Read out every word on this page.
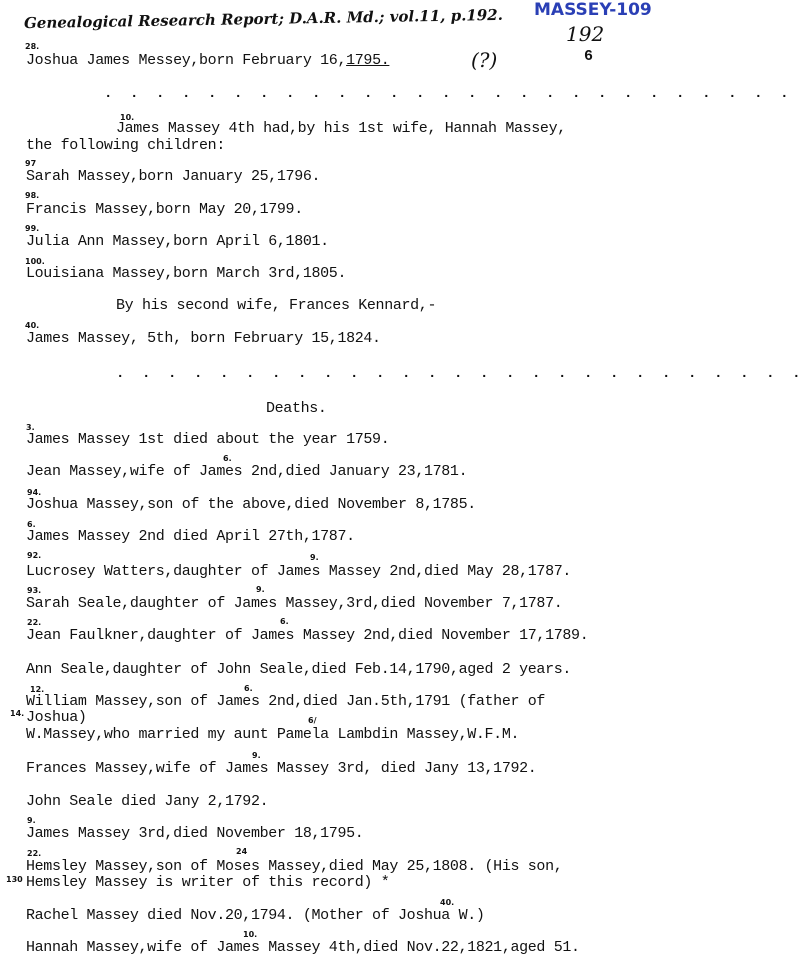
Genealogical Research Report; D.A.R. Md.; vol.11, p.192. MASSEY-109
192
6
28.
Joshua James Messey,born February 16,1795.	(?)
. . . . . . . . . . . . . . . . . . . . . . . . . . .
10.
James Massey 4th had,by his 1st wife, Hannah Massey,
the following children:
97
Sarah Massey,born January 25,1796.
98.
Francis Massey,born May 20,1799.
99.
Julia Ann Massey,born April 6,1801.
100.
Louisiana Massey,born March 3rd,1805.
By his second wife, Frances Kennard,-
40.
James Massey, 5th, born February 15,1824.
. . . . . . . . . . . . . . . . . . . . . . . . . . .
Deaths.
3.
James Massey 1st died about the year 1759.
6.
Jean Massey,wife of James 2nd,died January 23,1781.
94.
Joshua Massey,son of the above,died November 8,1785.
6.
James Massey 2nd died April 27th,1787.
92.	9.
Lucrosey Watters,daughter of James Massey 2nd,died May 28,1787.
93.	9.
Sarah Seale,daughter of James Massey,3rd,died November 7,1787.
22.	6.
Jean Faulkner,daughter of James Massey 2nd,died November 17,1789.
Ann Seale,daughter of John Seale,died Feb.14,1790,aged 2 years.
12.	6.
William Massey,son of James 2nd,died Jan.5th,1791 (father of
14. Joshua)	6/
W.Massey,who married my aunt Pamela Lambdin Massey,W.F.M.
9.
Frances Massey,wife of James Massey 3rd, died Jany 13,1792.
John Seale died Jany 2,1792.
9.
James Massey 3rd,died November 18,1795.
22.	24
Hemsley Massey,son of Moses Massey,died May 25,1808. (His son,
130 Hemsley Massey is writer of this record) *
40.
Rachel Massey died Nov.20,1794. (Mother of Joshua W.)
10.
Hannah Massey,wife of James Massey 4th,died Nov.22,1821,aged 51.
